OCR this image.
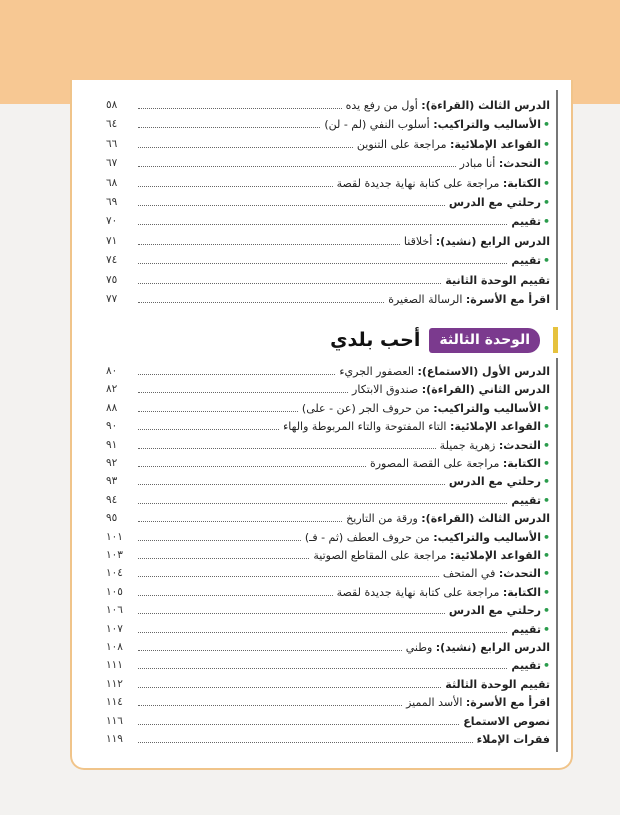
الدرس الثالث (القراءة): أول من رفع يده
٥٨
•الأساليب والتراكيب: أسلوب النفي (لم - لن)
٦٤
•القواعد الإملائية: مراجعة على التنوين
٦٦
•التحدث: أنا مبادر
٦٧
•الكتابة: مراجعة على كتابة نهاية جديدة لقصة
٦٨
•رحلتي مع الدرس
٦٩
•تقييم
٧٠
الدرس الرابع (نشيد): أخلاقنا
٧١
•تقييم
٧٤
تقييم الوحدة الثانية
٧٥
اقرأ مع الأسرة: الرسالة الصغيرة
٧٧
الوحدة الثالثة
أحب بلدي
الدرس الأول (الاستماع): العصفور الجريء
٨٠
الدرس الثاني (القراءة): صندوق الابتكار
٨٢
•الأساليب والتراكيب: من حروف الجر (عن - على)
٨٨
•القواعد الإملائية: التاء المفتوحة والتاء المربوطة والهاء
٩٠
•التحدث: زهرية جميلة
٩١
•الكتابة: مراجعة على القصة المصورة
٩٢
•رحلتي مع الدرس
٩٣
•تقييم
٩٤
الدرس الثالث (القراءة): ورقة من التاريخ
٩٥
•الأساليب والتراكيب: من حروف العطف (ثم - فـ)
١٠١
•القواعد الإملائية: مراجعة على المقاطع الصوتية
١٠٣
•التحدث: في المتحف
١٠٤
•الكتابة: مراجعة على كتابة نهاية جديدة لقصة
١٠٥
•رحلتي مع الدرس
١٠٦
•تقييم
١٠٧
الدرس الرابع (نشيد): وطني
١٠٨
•تقييم
١١١
تقييم الوحدة الثالثة
١١٢
اقرأ مع الأسرة: الأسد المميز
١١٤
نصوص الاستماع
١١٦
فقرات الإملاء
١١٩
